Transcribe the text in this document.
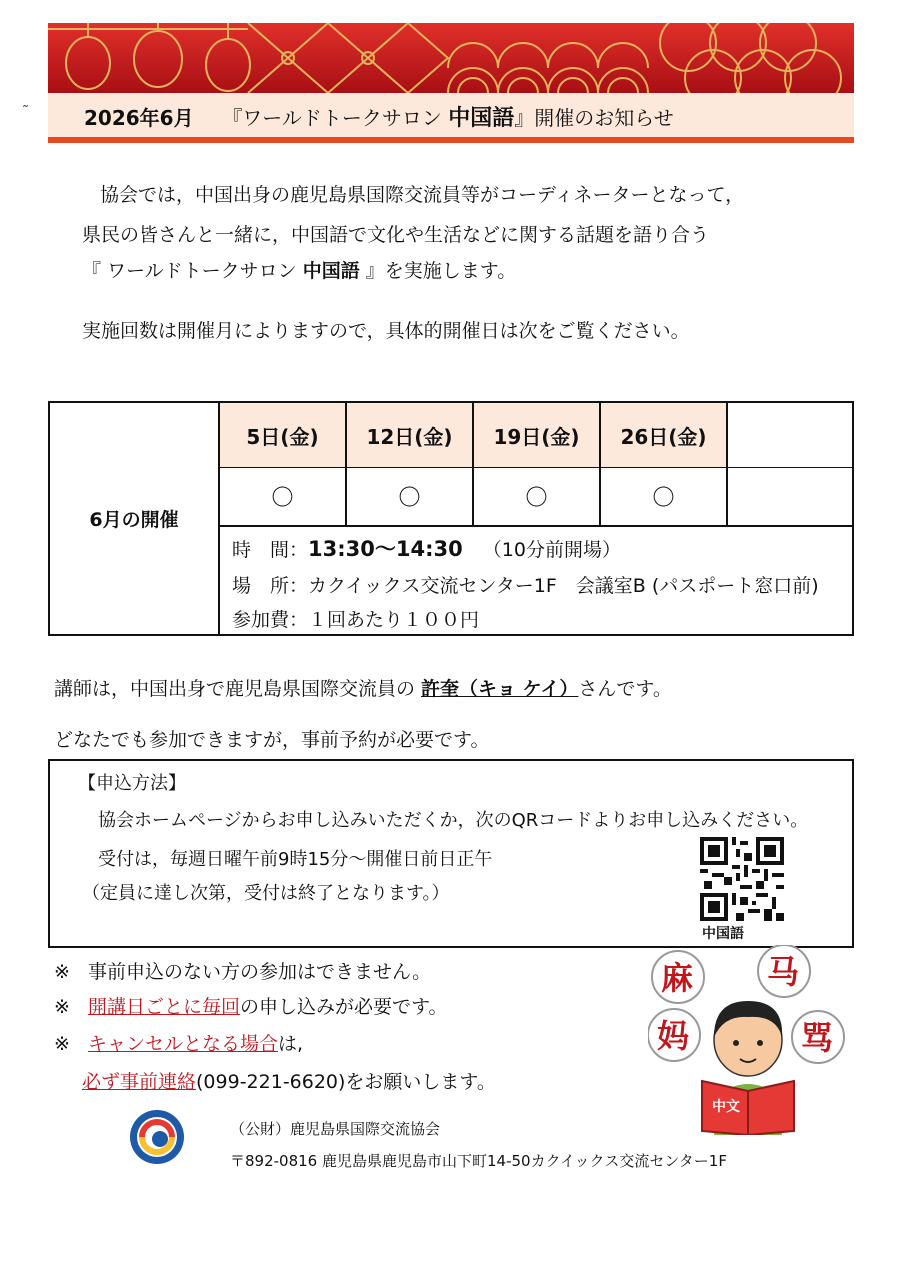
2026年6月 『ワールドトークサロン 中国語』開催のお知らせ
˜
協会では，中国出身の鹿児島県国際交流員等がコーディネーターとなって，
県民の皆さんと一緒に，中国語で文化や生活などに関する話題を語り合う
『 ワールドトークサロン 中国語 』を実施します。
実施回数は開催月によりますので，具体的開催日は次をご覧ください。
6月の開催
5日(金)	12日(金)	19日(金)	26日(金)
〇	〇	〇	〇
時　間：13:30～14:30 （10分前開場）
場　所：カクイックス交流センター1F　会議室B (パスポート窓口前)
参加費：１回あたり１００円
講師は，中国出身で鹿児島県国際交流員の 許奎（キョ ケイ）さんです。
どなたでも参加できますが，事前予約が必要です。
【申込方法】
協会ホームページからお申し込みいただくか，次のQRコードよりお申し込みください。
受付は，毎週日曜午前9時15分～開催日前日正午
（定員に達し次第，受付は終了となります。）
中国語
※ 事前申込のない方の参加はできません。
※ 開講日ごとに毎回の申し込みが必要です。
※ キャンセルとなる場合は,
必ず事前連絡(099-221-6620)をお願いします。
麻 马
妈	骂
中文
（公財）鹿児島県国際交流協会
〒892-0816 鹿児島県鹿児島市山下町14-50カクイックス交流センター1F
